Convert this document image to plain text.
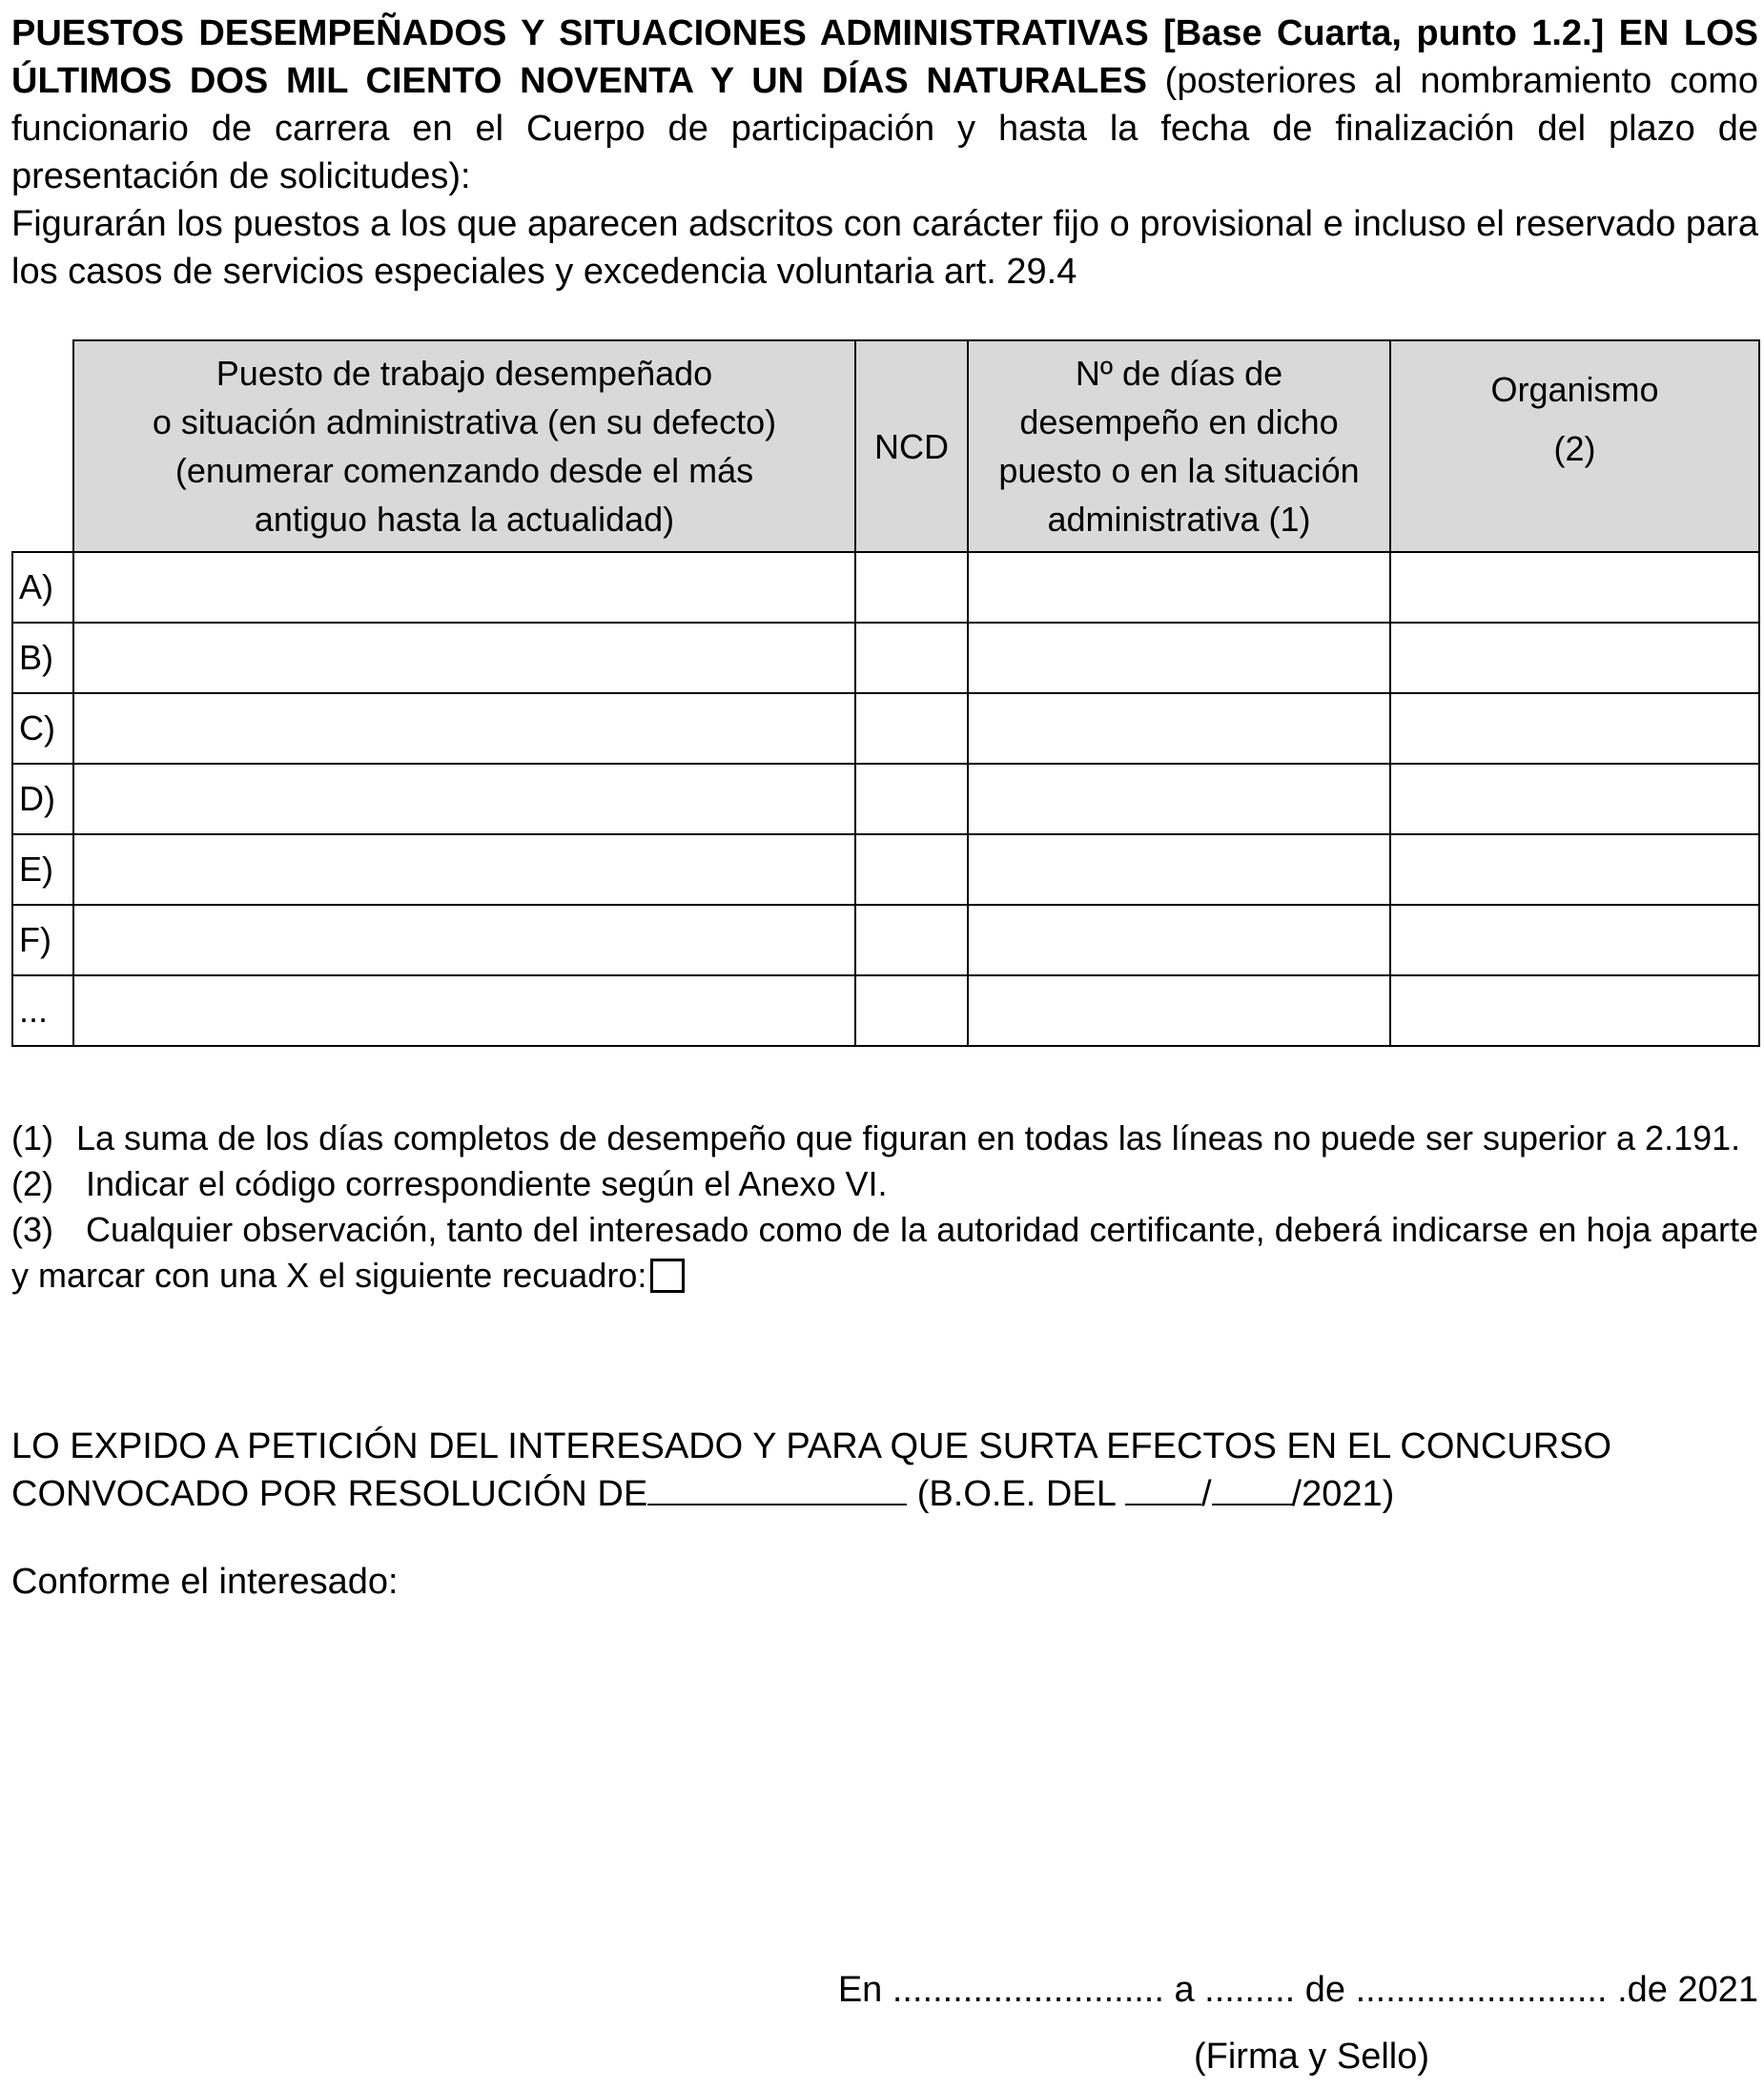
PUESTOS DESEMPEÑADOS Y SITUACIONES ADMINISTRATIVAS [Base Cuarta, punto 1.2.] EN LOS ÚLTIMOS DOS MIL CIENTO NOVENTA Y UN DÍAS NATURALES (posteriores al nombramiento como funcionario de carrera en el Cuerpo de participación y hasta la fecha de finalización del plazo de presentación de solicitudes):

Figurarán los puestos a los que aparecen adscritos con carácter fijo o provisional e incluso el reservado para los casos de servicios especiales y excedencia voluntaria art. 29.4

	Puesto de trabajo desempeñado
o situación administrativa (en su defecto)
(enumerar comenzando desde el más
antiguo hasta la actualidad)	NCD	Nº de días de
desempeño en dicho
puesto o en la situación
administrativa (1)	Organismo
(2)
A)				
B)				
C)				
D)				
E)				
F)				
...				

(1) La suma de los días completos de desempeño que figuran en todas las líneas no puede ser superior a 2.191.

(2) Indicar el código correspondiente según el Anexo VI.

(3) Cualquier observación, tanto del interesado como de la autoridad certificante, deberá indicarse en hoja aparte y marcar con una X el siguiente recuadro:

LO EXPIDO A PETICIÓN DEL INTERESADO Y PARA QUE SURTA EFECTOS EN EL CONCURSO

CONVOCADO POR RESOLUCIÓN DE	(B.O.E. DEL / /2021)

Conforme el interesado:

En ........................... a ......... de ......................... .de 2021

(Firma y Sello)
